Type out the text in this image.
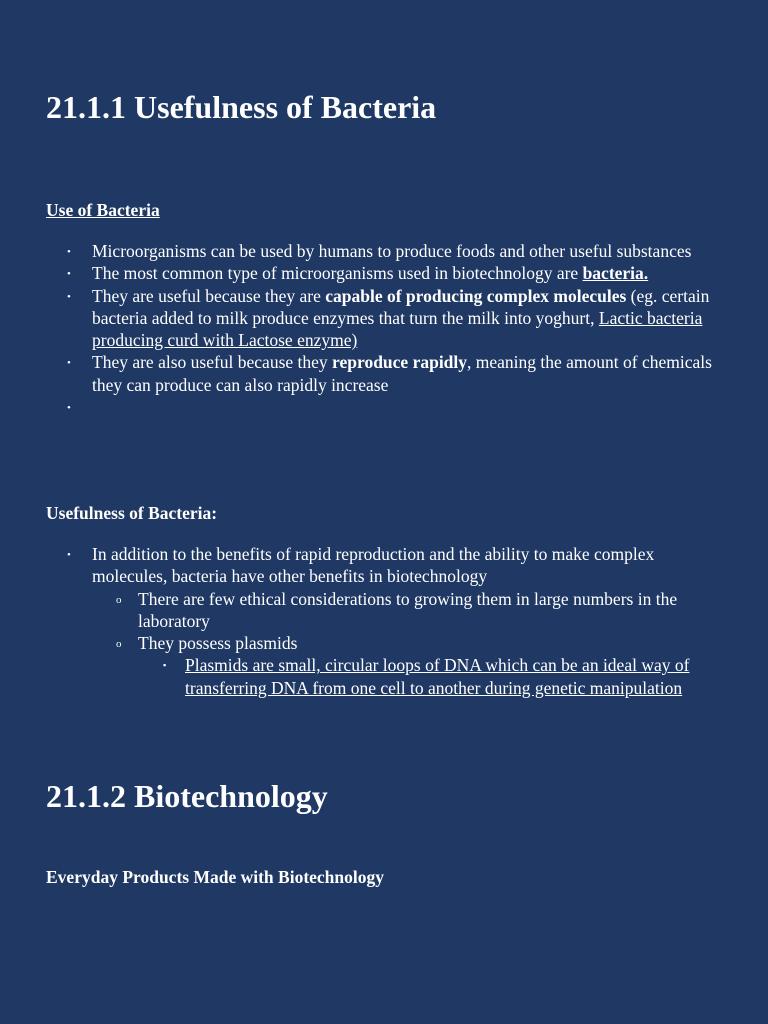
21.1.1 Usefulness of Bacteria
Use of Bacteria
• Microorganisms can be used by humans to produce foods and other useful substances
• The most common type of microorganisms used in biotechnology are bacteria.
• They are useful because they are capable of producing complex molecules (eg. certain bacteria added to milk produce enzymes that turn the milk into yoghurt, Lactic bacteria producing curd with Lactose enzyme)
• They are also useful because they reproduce rapidly, meaning the amount of chemicals they can produce can also rapidly increase
•
Usefulness of Bacteria:
• In addition to the benefits of rapid reproduction and the ability to make complex molecules, bacteria have other benefits in biotechnology
o There are few ethical considerations to growing them in large numbers in the laboratory
o They possess plasmids
▪ Plasmids are small, circular loops of DNA which can be an ideal way of transferring DNA from one cell to another during genetic manipulation
21.1.2 Biotechnology
Everyday Products Made with Biotechnology
